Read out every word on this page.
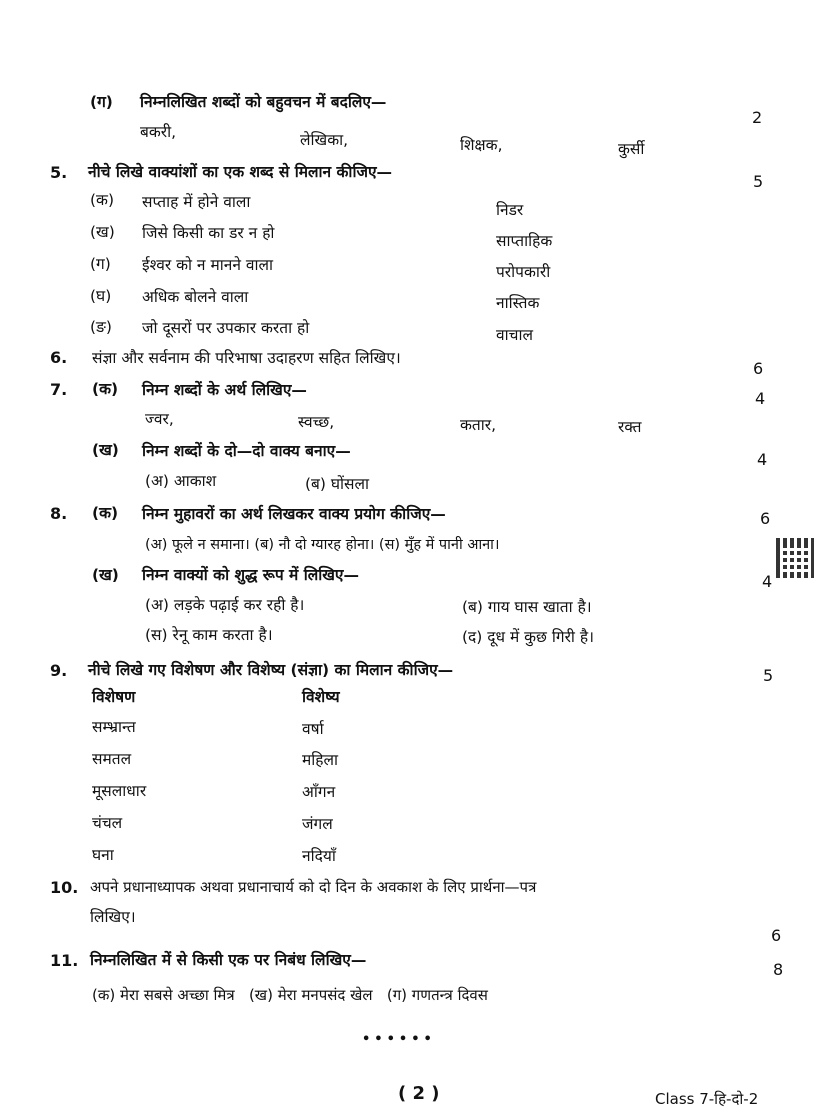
(ग) निम्नलिखित शब्दों को बहुवचन में बदलिए—
2
बकरी,	लेखिका,	शिक्षक,	कुर्सी
5. नीचे लिखे वाक्यांशों का एक शब्द से मिलान कीजिए—	5
(क) सप्ताह में होने वाला	निडर
(ख) जिसे किसी का डर न हो	साप्ताहिक
(ग) ईश्वर को न मानने वाला	परोपकारी
(घ) अधिक बोलने वाला	नास्तिक
(ङ) जो दूसरों पर उपकार करता हो	वाचाल
6. संज्ञा और सर्वनाम की परिभाषा उदाहरण सहित लिखिए।
6
7. (क) निम्न शब्दों के अर्थ लिखिए—	4
ज्वर,	स्वच्छ,	कतार,	रक्त
(ख) निम्न शब्दों के दो—दो वाक्य बनाए—	4
(अ) आकाश	(ब) घोंसला
8. (क) निम्न मुहावरों का अर्थ लिखकर वाक्य प्रयोग कीजिए—	6
(अ) फूले न समाना। (ब) नौ दो ग्यारह होना। (स) मुँह में पानी आना।
(ख) निम्न वाक्यों को शुद्ध रूप में लिखिए—	4
(अ) लड़के पढ़ाई कर रही है।	(ब) गाय घास खाता है।
(स) रेनू काम करता है।	(द) दूध में कुछ गिरी है।
9. नीचे लिखे गए विशेषण और विशेष्य (संज्ञा) का मिलान कीजिए—	5
विशेषण	विशेष्य
सम्भ्रान्त	वर्षा
समतल	महिला
मूसलाधार	आँगन
चंचल	जंगल
घना	नदियाँ
10. अपने प्रधानाध्यापक अथवा प्रधानाचार्य को दो दिन के अवकाश के लिए प्रार्थना—पत्र
लिखिए।
6
11. निम्नलिखित में से किसी एक पर निबंध लिखिए—	8
(क) मेरा सबसे अच्छा मित्र   (ख) मेरा मनपसंद खेल   (ग) गणतन्त्र दिवस
••••••
( 2 )	Class 7-हि-दो-2
